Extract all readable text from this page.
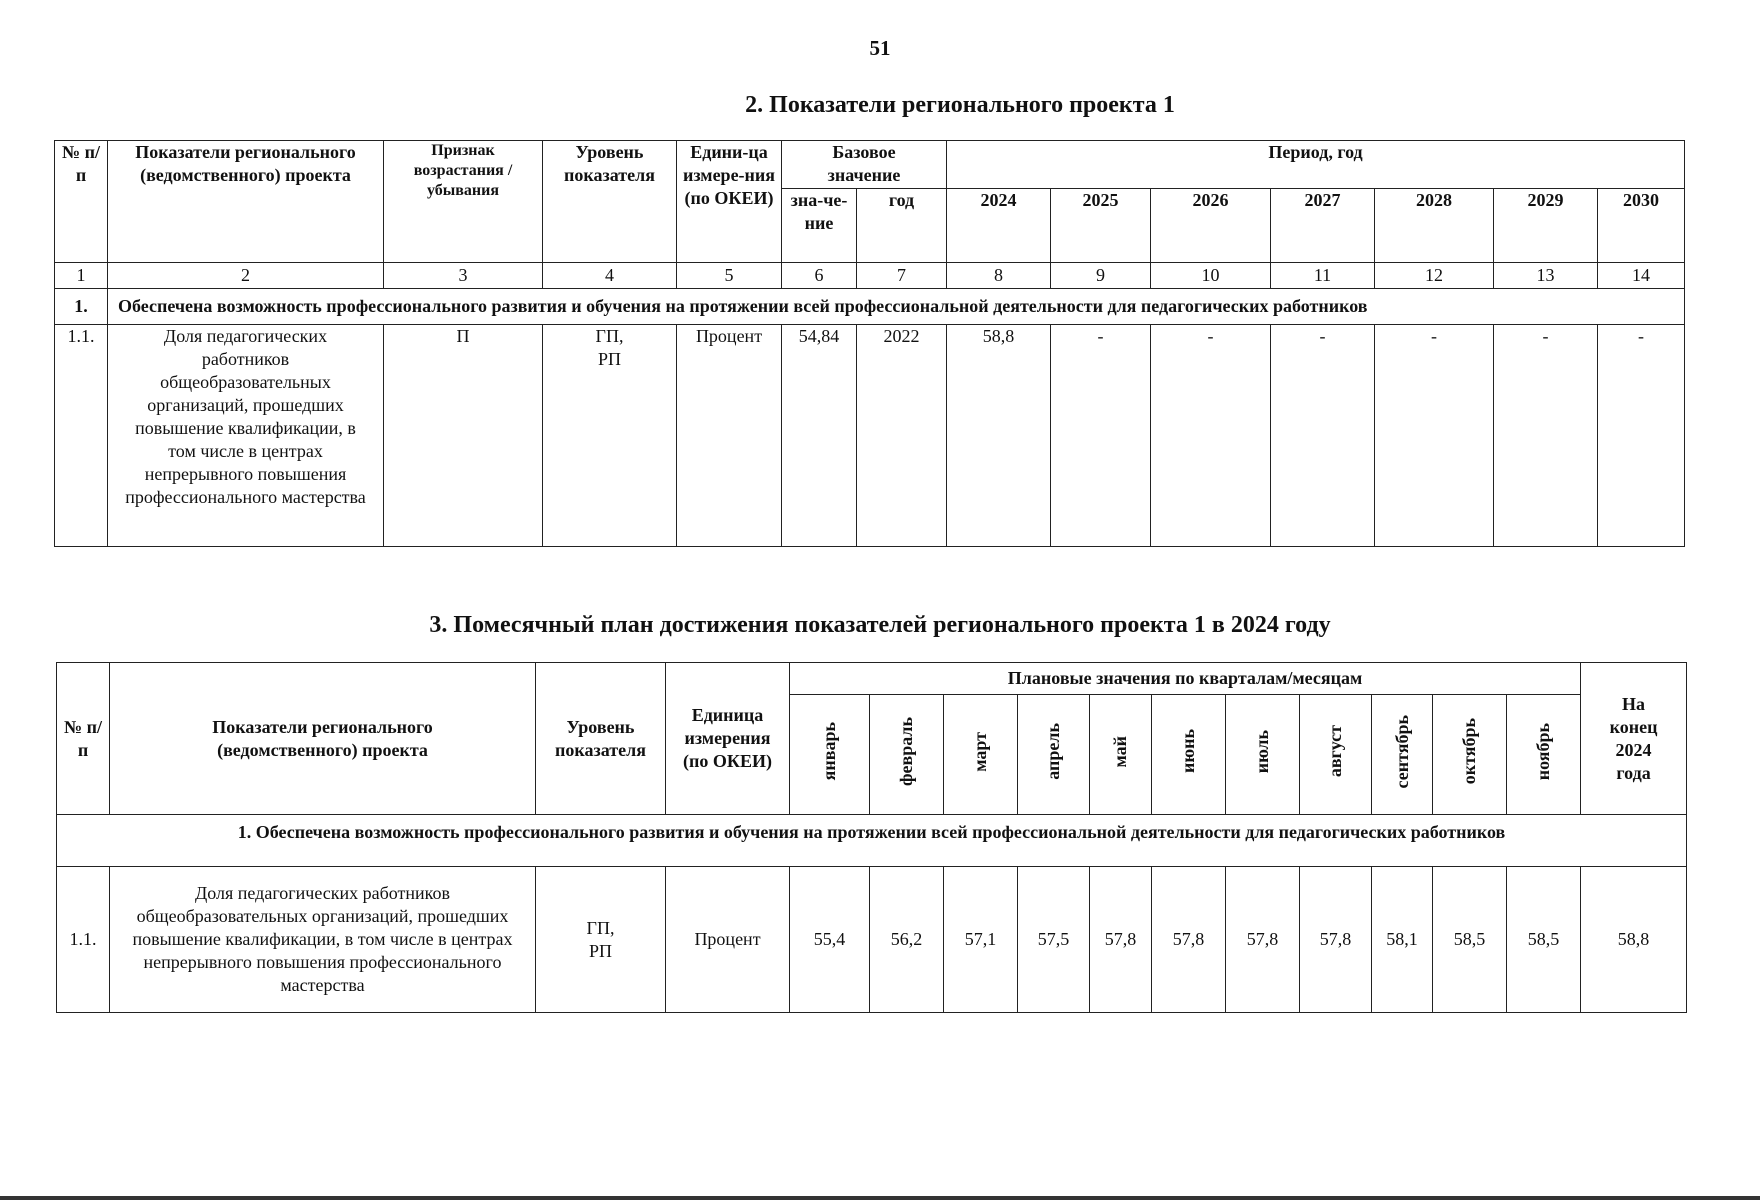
51
2. Показатели регионального проекта 1
№ п/п	Показатели регионального (ведомственного) проекта	Признак возрастания / убывания	Уровень показателя	Едини-ца измере-ния (по ОКЕИ)	Базовое значение		Период, год						
					зна-че-ние	год	2024	2025	2026	2027	2028	2029	2030
1	2	3	4	5	6	7	8	9	10	11	12	13	14
1.	Обеспечена возможность профессионального развития и обучения на протяжении всей профессиональной деятельности для педагогических работников												
1.1.	Доля педагогических работников общеобразовательных организаций, прошедших повышение квалификации, в том числе в центрах непрерывного повышения профессионального мастерства	П	ГП, РП	Процент	54,84	2022	58,8	-	-	-	-	-	-
3. Помесячный план достижения показателей регионального проекта 1 в 2024 году
№ п/п	Показатели регионального (ведомственного) проекта	Уровень показателя	Единица измерения (по ОКЕИ)	Плановые значения по кварталам/месяцам											На конец 2024 года
				январь	февраль	март	апрель	май	июнь	июль	август	сентябрь	октябрь	ноябрь	
1. Обеспечена возможность профессионального развития и обучения на протяжении всей профессиональной деятельности для педагогических работников															
1.1.	Доля педагогических работников общеобразовательных организаций, прошедших повышение квалификации, в том числе в центрах непрерывного повышения профессионального мастерства	ГП, РП	Процент	55,4	56,2	57,1	57,5	57,8	57,8	57,8	57,8	58,1	58,5	58,5	58,8
